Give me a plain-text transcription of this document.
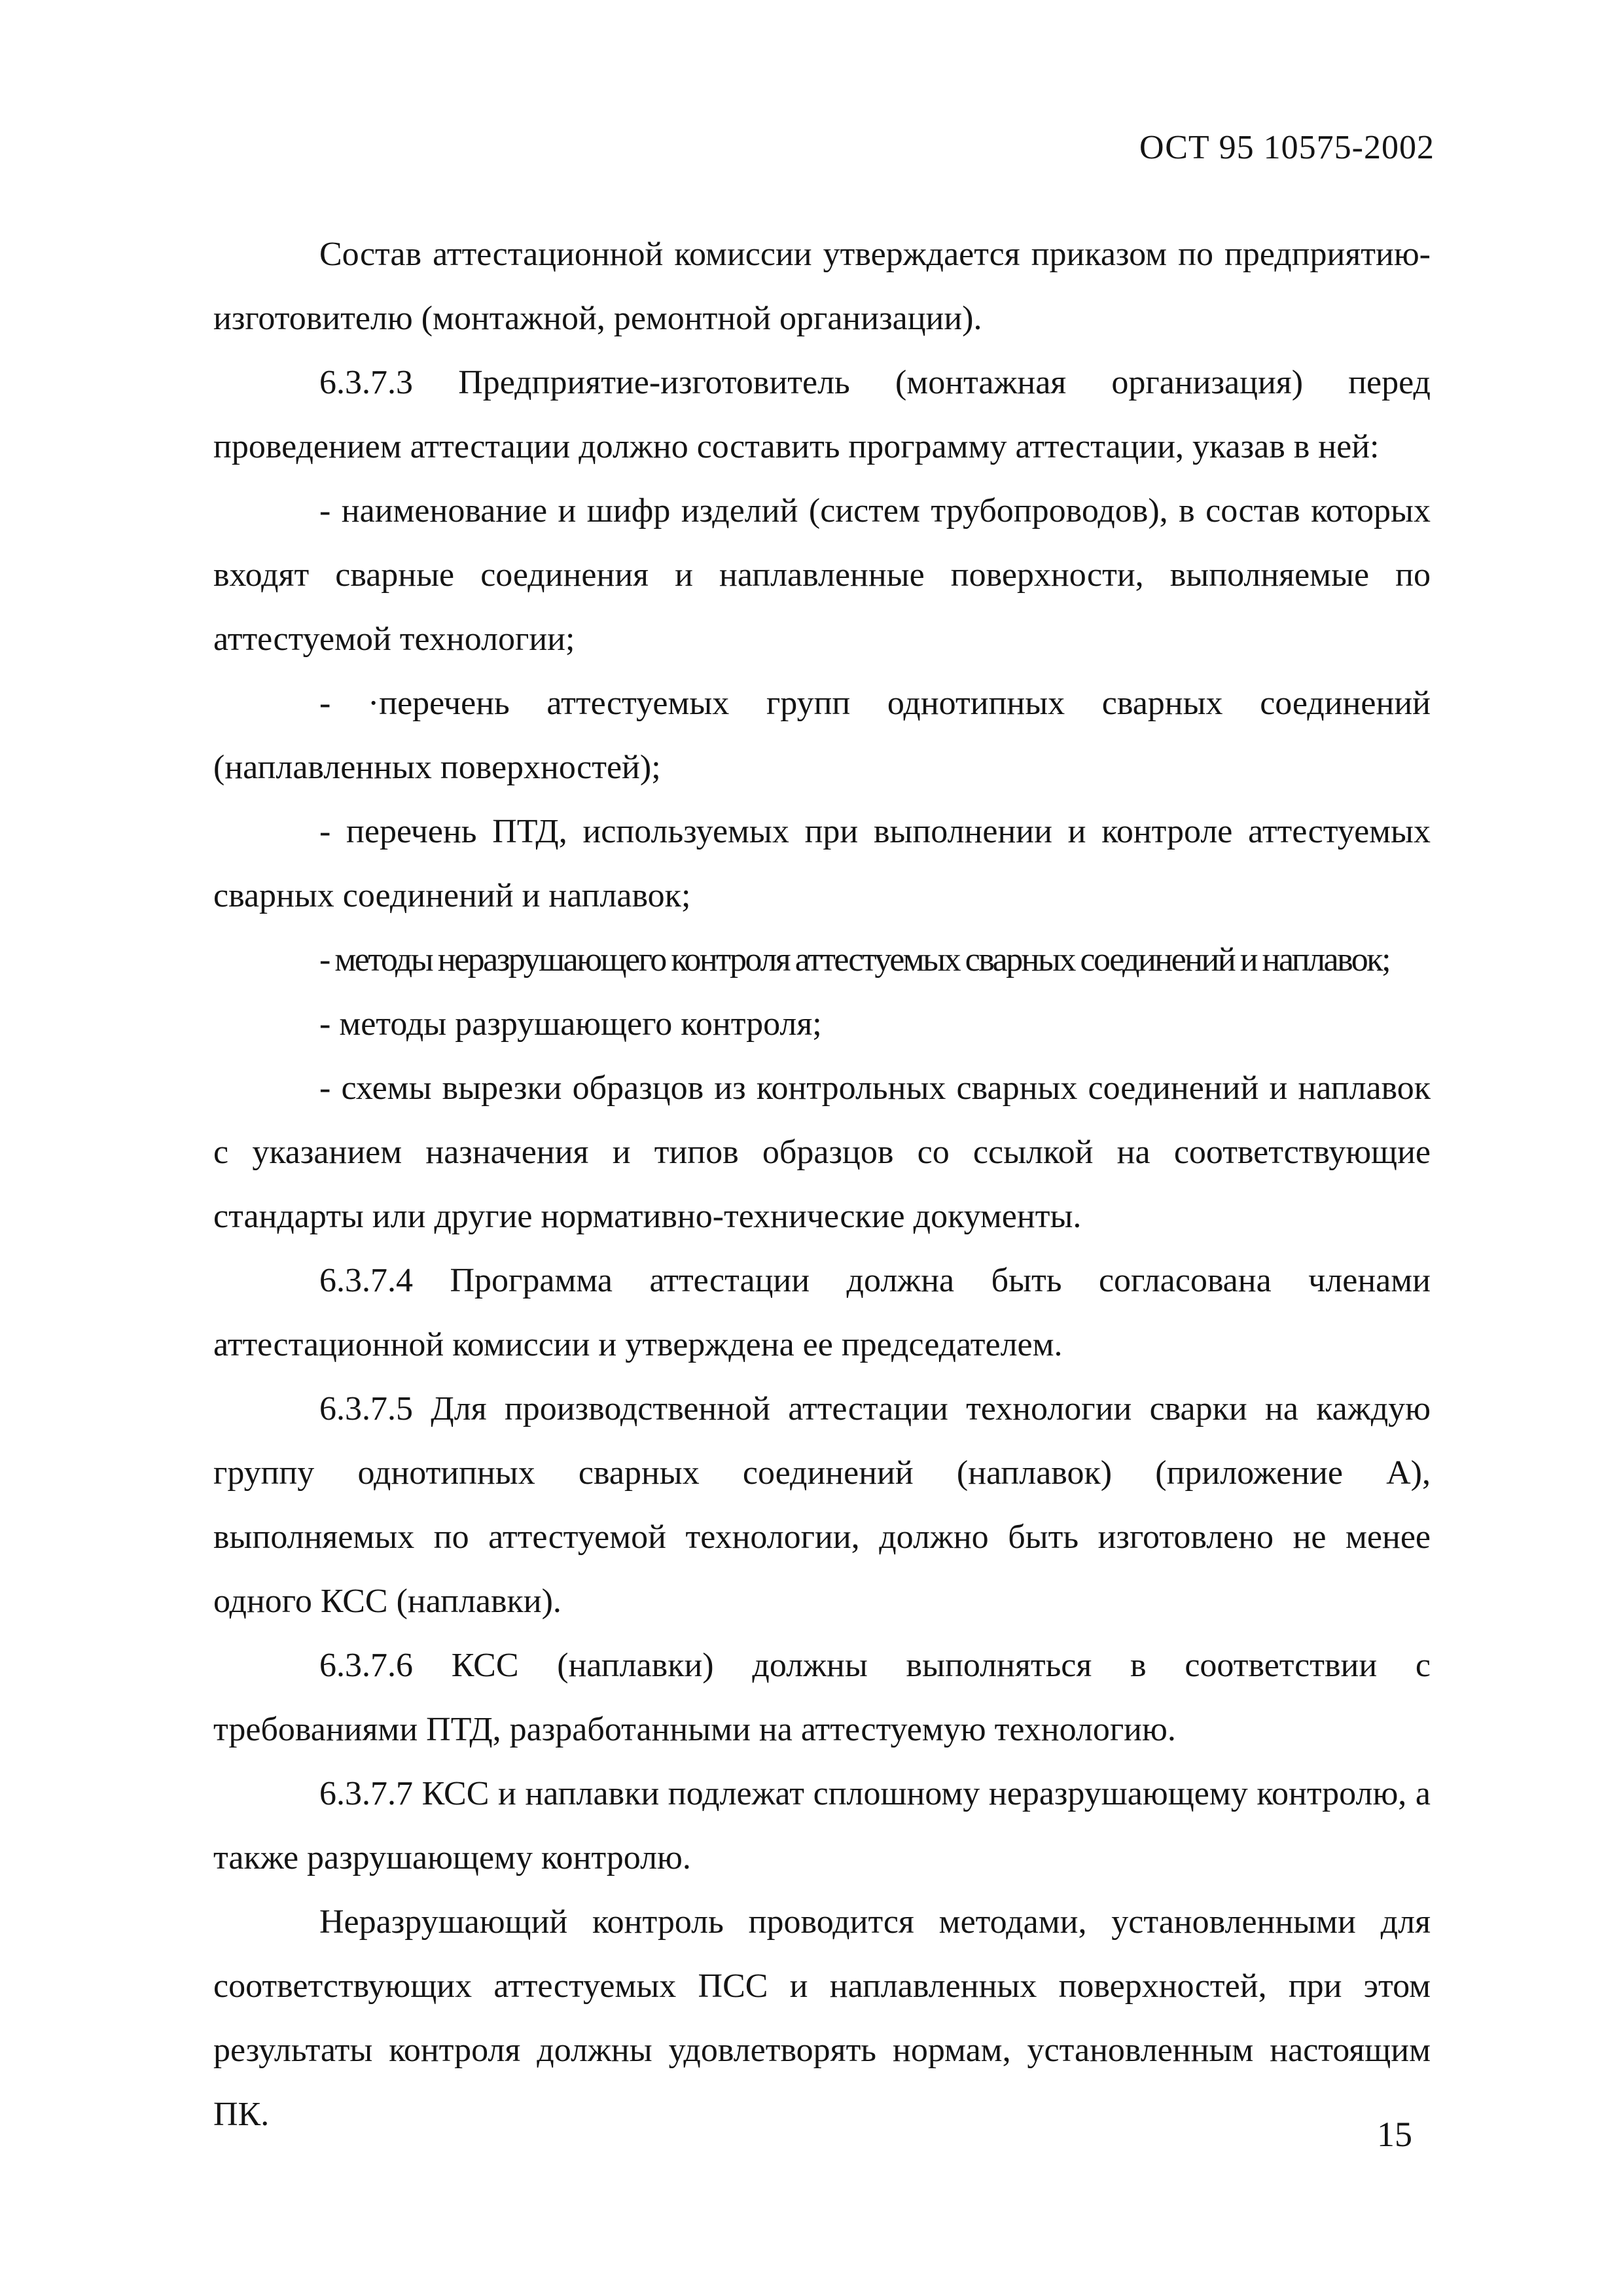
ОСТ 95 10575-2002

Состав аттестационной комиссии утверждается приказом по предприятию-изготовителю (монтажной, ремонтной организации).

6.3.7.3 Предприятие-изготовитель (монтажная организация) перед проведением аттестации должно составить программу аттестации, указав в ней:

- наименование и шифр изделий (систем трубопроводов), в состав которых входят сварные соединения и наплавленные поверхности, выполняемые по аттестуемой технологии;

- ·перечень аттестуемых групп однотипных сварных соединений (наплавленных поверхностей);

- перечень ПТД, используемых при выполнении и контроле аттестуемых сварных соединений и наплавок;

- методы неразрушающего контроля аттестуемых сварных соединений и наплавок;

- методы разрушающего контроля;

- схемы вырезки образцов из контрольных сварных соединений и наплавок с указанием назначения и типов образцов со ссылкой на соответствующие стандарты или другие нормативно-технические документы.

6.3.7.4 Программа аттестации должна быть согласована членами аттестационной комиссии и утверждена ее председателем.

6.3.7.5 Для производственной аттестации технологии сварки на каждую группу однотипных сварных соединений (наплавок) (приложение А), выполняемых по аттестуемой технологии, должно быть изготовлено не менее одного КСС (наплавки).

6.3.7.6 КСС (наплавки) должны выполняться в соответствии с требованиями ПТД, разработанными на аттестуемую технологию.

6.3.7.7 КСС и наплавки подлежат сплошному неразрушающему контролю, а также разрушающему контролю.

Неразрушающий контроль проводится методами, установленными для соответствующих аттестуемых ПСС и наплавленных поверхностей, при этом результаты контроля должны удовлетворять нормам, установленным настоящим ПК.

15
